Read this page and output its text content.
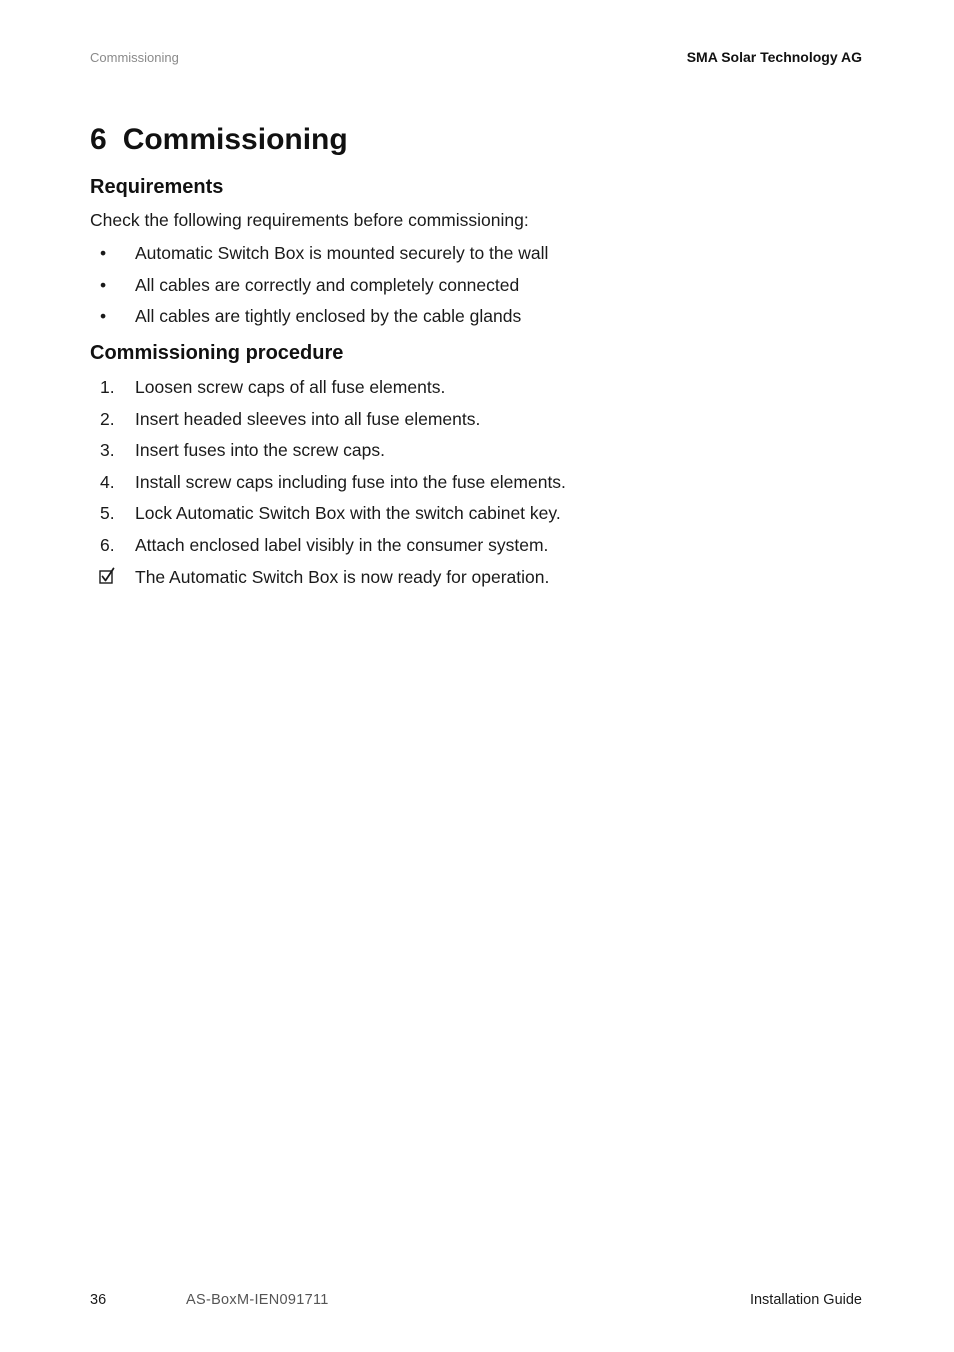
Commissioning	SMA Solar Technology AG
6 Commissioning
Requirements
Check the following requirements before commissioning:
•	Automatic Switch Box is mounted securely to the wall
•	All cables are correctly and completely connected
•	All cables are tightly enclosed by the cable glands
Commissioning procedure
1.	Loosen screw caps of all fuse elements.
2.	Insert headed sleeves into all fuse elements.
3.	Insert fuses into the screw caps.
4.	Install screw caps including fuse into the fuse elements.
5.	Lock Automatic Switch Box with the switch cabinet key.
6.	Attach enclosed label visibly in the consumer system.
The Automatic Switch Box is now ready for operation.
36	AS-BoxM-IEN091711	Installation Guide
